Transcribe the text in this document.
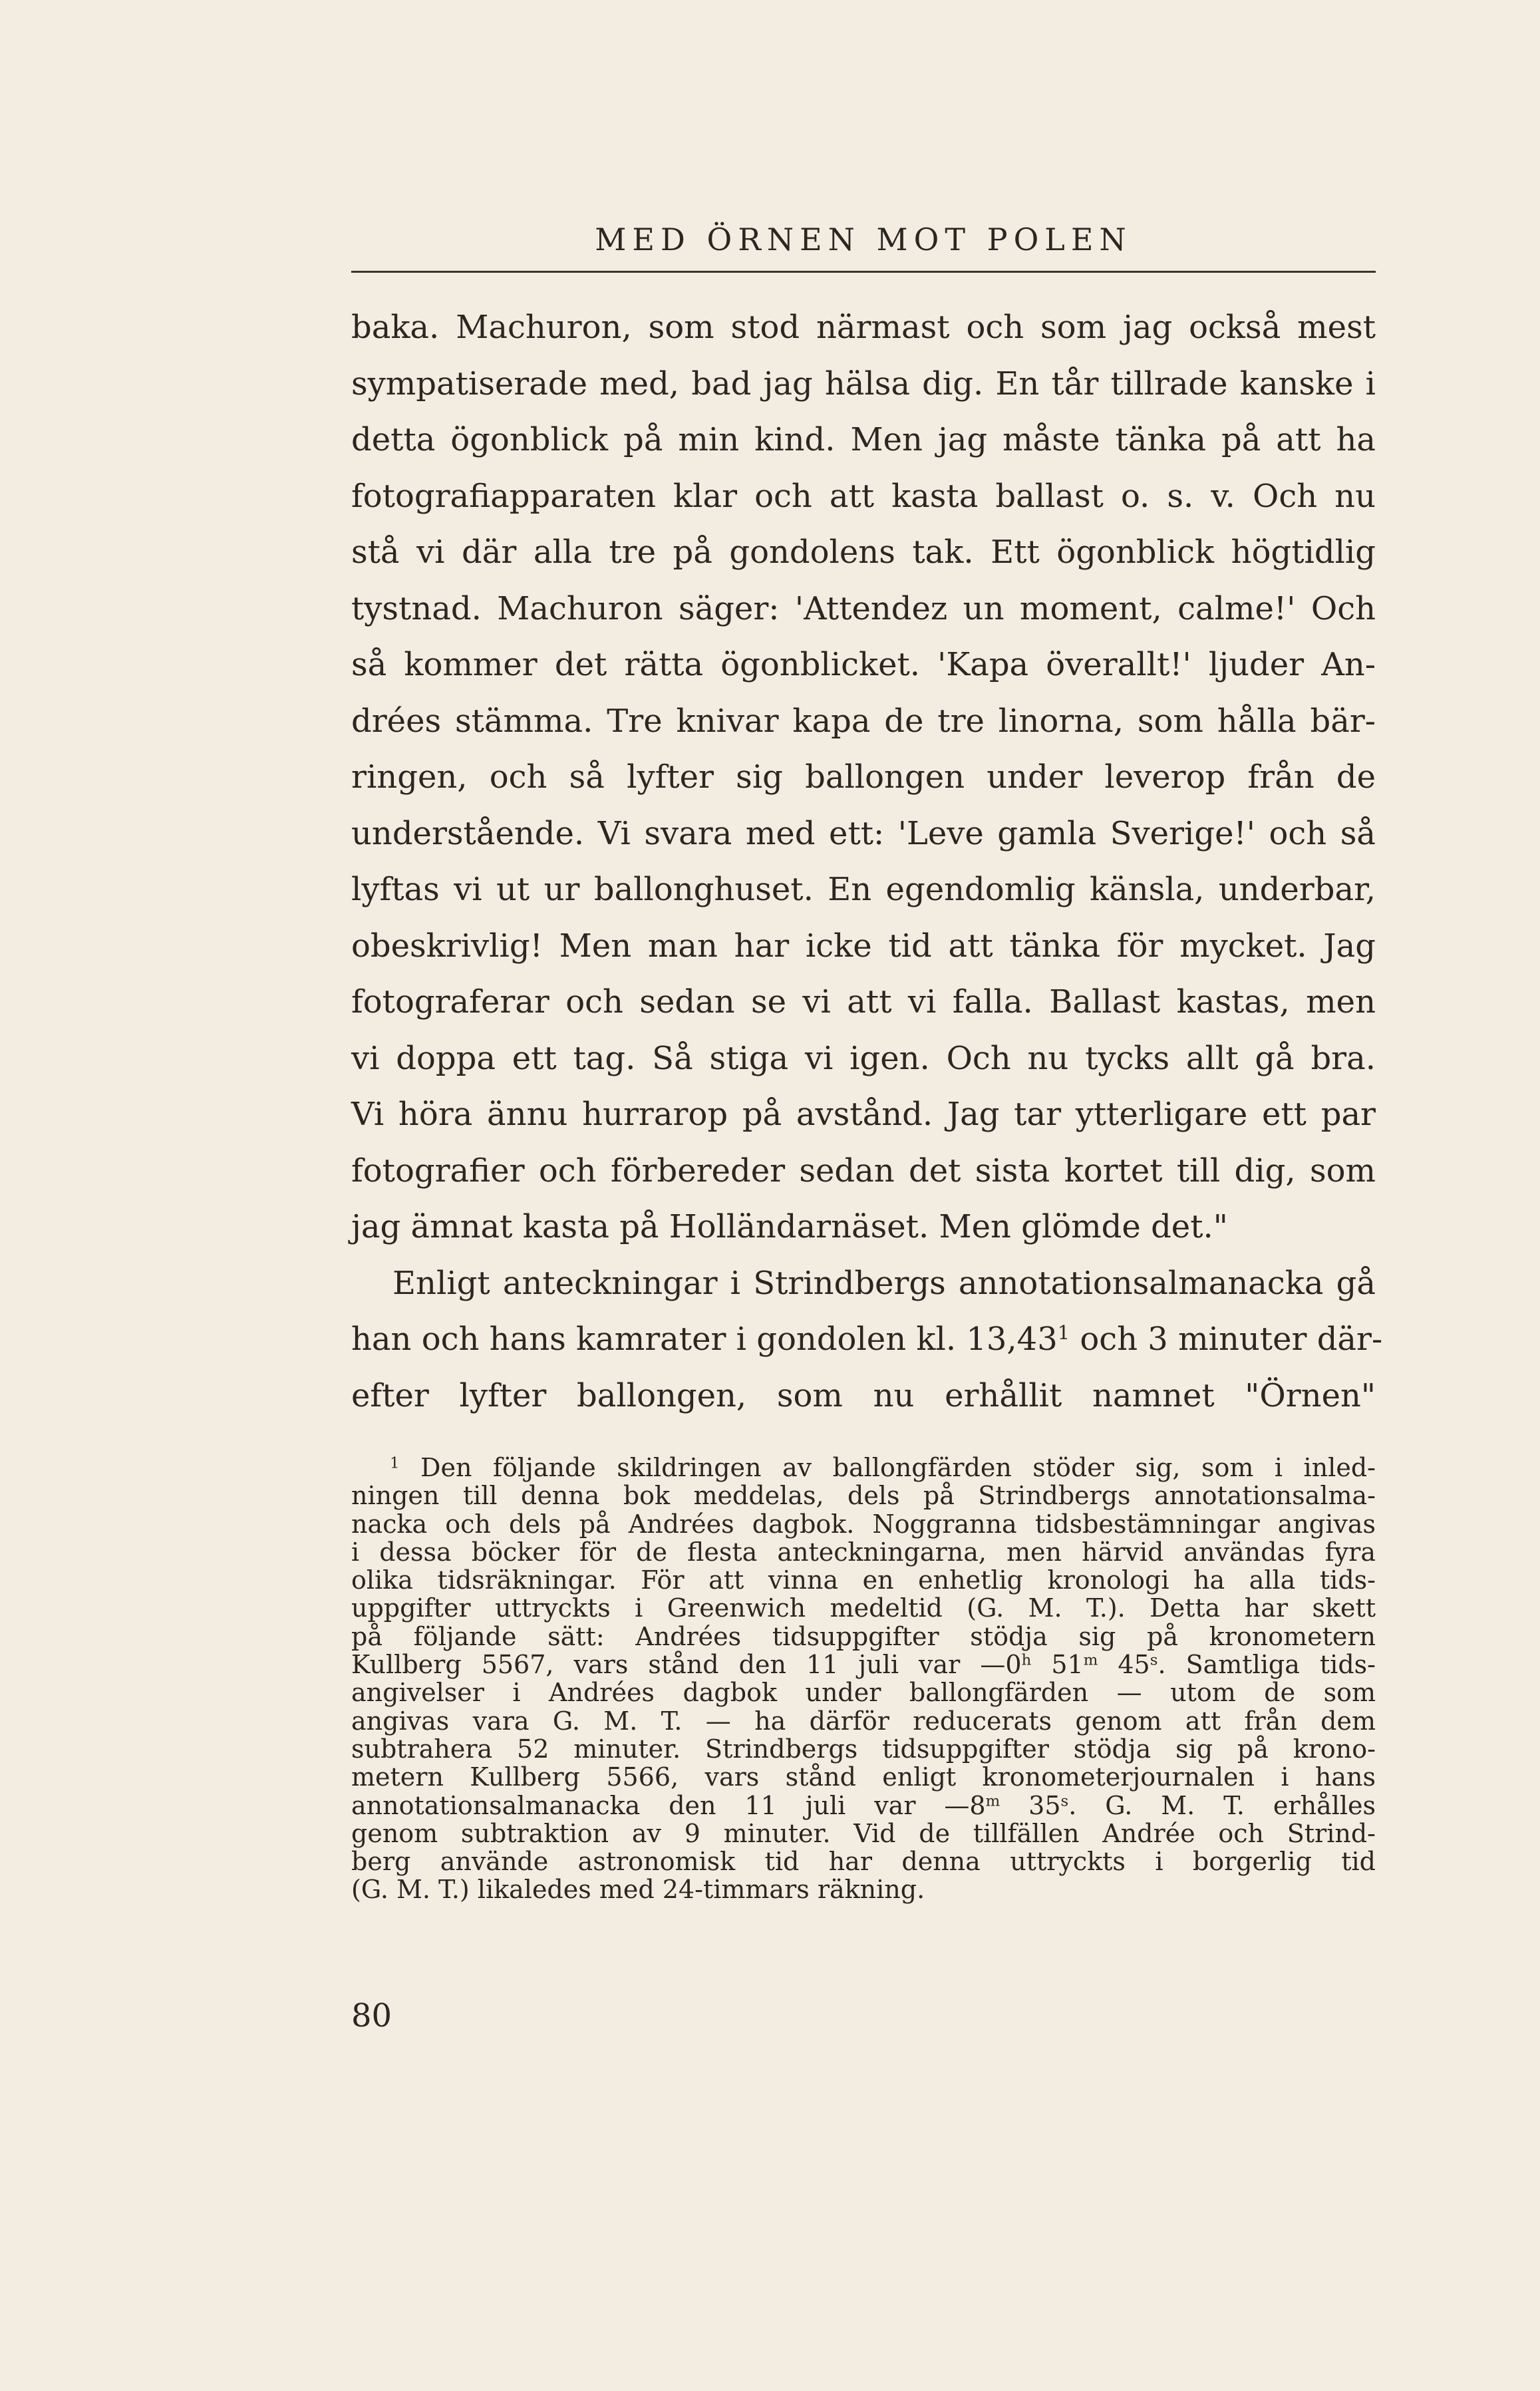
MED ÖRNEN MOT POLEN
baka. Machuron, som stod närmast och som jag också mest
sympatiserade med, bad jag hälsa dig. En tår tillrade kanske i
detta ögonblick på min kind. Men jag måste tänka på att ha
fotografiapparaten klar och att kasta ballast o. s. v. Och nu
stå vi där alla tre på gondolens tak. Ett ögonblick högtidlig
tystnad. Machuron säger: 'Attendez un moment, calme!' Och
så kommer det rätta ögonblicket. 'Kapa överallt!' ljuder An-
drées stämma. Tre knivar kapa de tre linorna, som hålla bär-
ringen, och så lyfter sig ballongen under leverop från de
understående. Vi svara med ett: 'Leve gamla Sverige!' och så
lyftas vi ut ur ballonghuset. En egendomlig känsla, underbar,
obeskrivlig! Men man har icke tid att tänka för mycket. Jag
fotograferar och sedan se vi att vi falla. Ballast kastas, men
vi doppa ett tag. Så stiga vi igen. Och nu tycks allt gå bra.
Vi höra ännu hurrarop på avstånd. Jag tar ytterligare ett par
fotografier och förbereder sedan det sista kortet till dig, som
jag ämnat kasta på Holländarnäset. Men glömde det."
Enligt anteckningar i Strindbergs annotationsalmanacka gå
han och hans kamrater i gondolen kl. 13,43$^1$ och 3 minuter där-
efter lyfter ballongen, som nu erhållit namnet "Örnen"
$^1$ Den följande skildringen av ballongfärden stöder sig, som i inled-
ningen till denna bok meddelas, dels på Strindbergs annotationsalma-
nacka och dels på Andrées dagbok. Noggranna tidsbestämningar angivas
i dessa böcker för de flesta anteckningarna, men härvid användas fyra
olika tidsräkningar. För att vinna en enhetlig kronologi ha alla tids-
uppgifter uttryckts i Greenwich medeltid (G. M. T.). Detta har skett
på följande sätt: Andrées tidsuppgifter stödja sig på kronometern
Kullberg 5567, vars stånd den 11 juli var —0$^h$ 51$^m$ 45$^s$. Samtliga tids-
angivelser i Andrées dagbok under ballongfärden — utom de som
angivas vara G. M. T. — ha därför reducerats genom att från dem
subtrahera 52 minuter. Strindbergs tidsuppgifter stödja sig på krono-
metern Kullberg 5566, vars stånd enligt kronometerjournalen i hans
annotationsalmanacka den 11 juli var —8$^m$ 35$^s$. G. M. T. erhålles
genom subtraktion av 9 minuter. Vid de tillfällen Andrée och Strind-
berg använde astronomisk tid har denna uttryckts i borgerlig tid
(G. M. T.) likaledes med 24-timmars räkning.
80
